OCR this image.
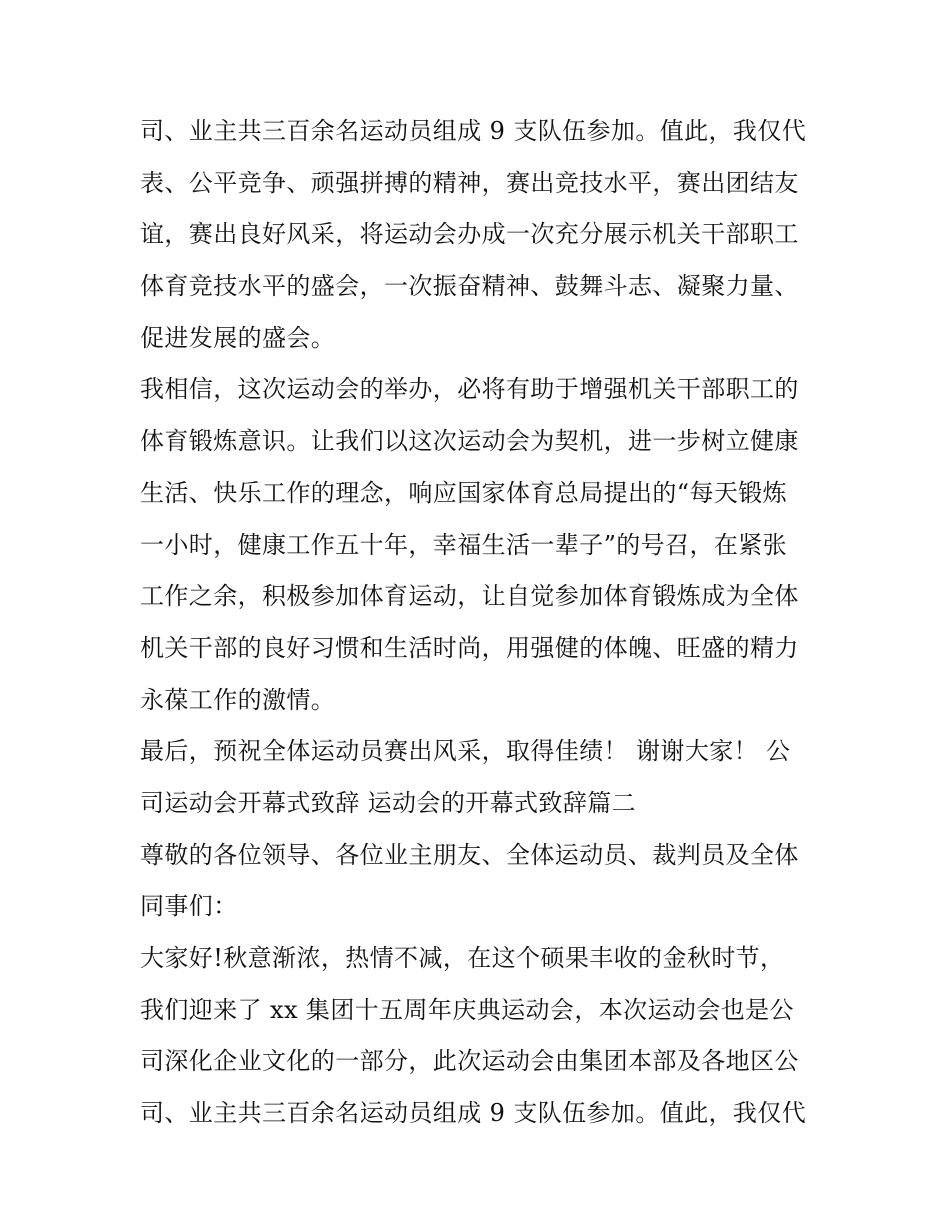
司、业主共三百余名运动员组成 9 支队伍参加。值此，我仅代
表、公平竞争、顽强拼搏的精神，赛出竞技水平，赛出团结友
谊，赛出良好风采，将运动会办成一次充分展示机关干部职工
体育竞技水平的盛会，一次振奋精神、鼓舞斗志、凝聚力量、
促进发展的盛会。
我相信，这次运动会的举办，必将有助于增强机关干部职工的
体育锻炼意识。让我们以这次运动会为契机，进一步树立健康
生活、快乐工作的理念，响应国家体育总局提出的“每天锻炼
一小时，健康工作五十年，幸福生活一辈子”的号召，在紧张
工作之余，积极参加体育运动，让自觉参加体育锻炼成为全体
机关干部的良好习惯和生活时尚，用强健的体魄、旺盛的精力
永葆工作的激情。
最后，预祝全体运动员赛出风采，取得佳绩！ 谢谢大家！ 公
司运动会开幕式致辞 运动会的开幕式致辞篇二
尊敬的各位领导、各位业主朋友、全体运动员、裁判员及全体
同事们：
大家好!秋意渐浓，热情不减，在这个硕果丰收的金秋时节，
我们迎来了 xx 集团十五周年庆典运动会，本次运动会也是公
司深化企业文化的一部分，此次运动会由集团本部及各地区公
司、业主共三百余名运动员组成 9 支队伍参加。值此，我仅代
